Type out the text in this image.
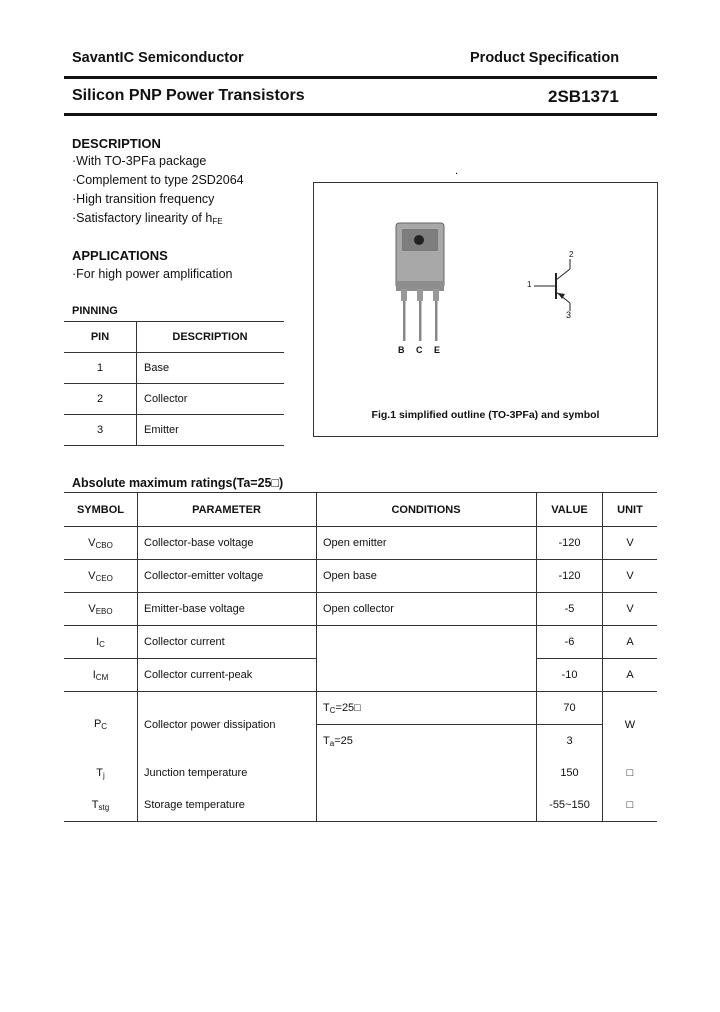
SavantIC Semiconductor	Product Specification
Silicon PNP Power Transistors	2SB1371
DESCRIPTION
·With TO-3PFa package
·Complement to type 2SD2064
·High transition frequency
·Satisfactory linearity of $h_{FE}$
APPLICATIONS
·For high power amplification
PINNING
PIN	DESCRIPTION
1	Base
2	Collector
3	Emitter
.
B C E
1
2
3
Fig.1 simplified outline (TO-3PFa) and symbol
Absolute maximum ratings(Ta=25□)
SYMBOL	PARAMETER	CONDITIONS	VALUE	UNIT
$V_{CBO}$	Collector-base voltage	Open emitter	-120	V
$V_{CEO}$	Collector-emitter voltage	Open base	-120	V
$V_{EBO}$	Emitter-base voltage	Open collector	-5	V
$I_C$	Collector current		-6	A
$I_{CM}$	Collector current-peak		-10	A
$P_C$	Collector power dissipation	$T_C=25□$	70	W
		$T_a=25$	3	
$T_j$	Junction temperature		150	□
$T_{stg}$	Storage temperature		-55~150	□
